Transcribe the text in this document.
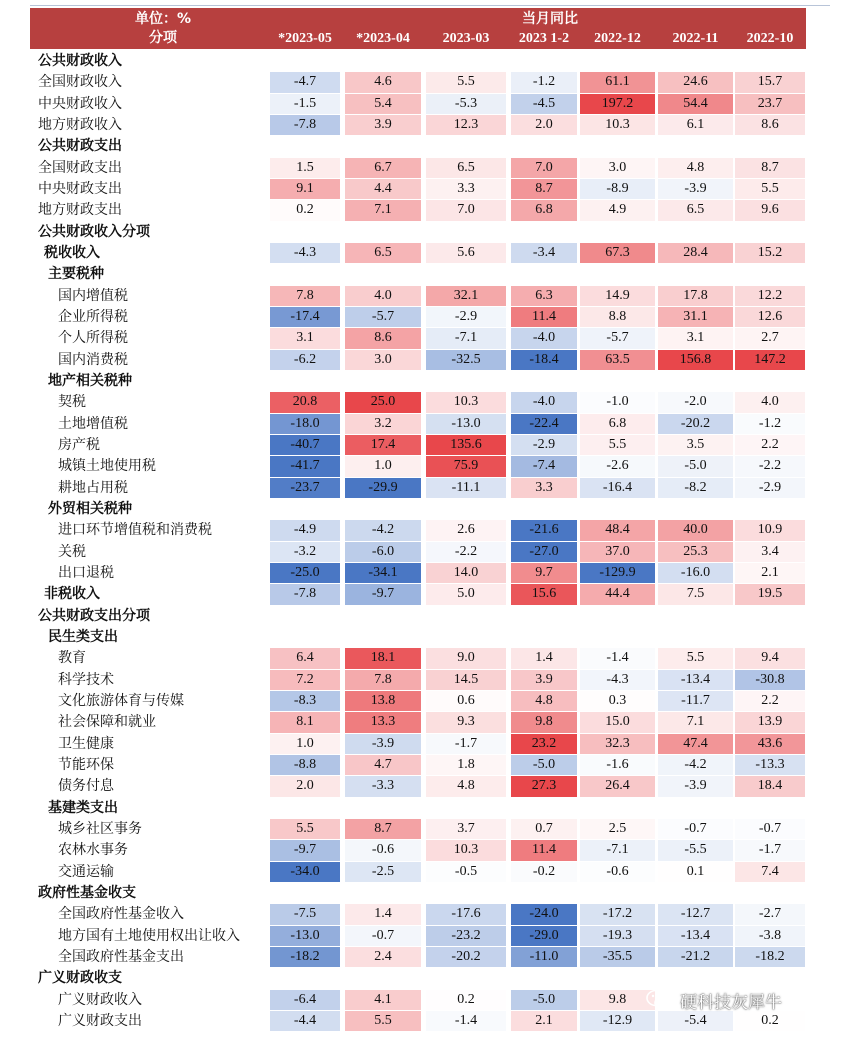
单位：%
分项
当月同比
*2023-05	*2023-04	2023-03	2023 1-2	2022-12	2022-11	2022-10
公共财政收入
全国财政收入	-4.7	4.6	5.5	-1.2	61.1	24.6	15.7
中央财政收入	-1.5	5.4	-5.3	-4.5	197.2	54.4	23.7
地方财政收入	-7.8	3.9	12.3	2.0	10.3	6.1	8.6
公共财政支出
全国财政支出	1.5	6.7	6.5	7.0	3.0	4.8	8.7
中央财政支出	9.1	4.4	3.3	8.7	-8.9	-3.9	5.5
地方财政支出	0.2	7.1	7.0	6.8	4.9	6.5	9.6
公共财政收入分项
税收收入	-4.3	6.5	5.6	-3.4	67.3	28.4	15.2
主要税种
国内增值税	7.8	4.0	32.1	6.3	14.9	17.8	12.2
企业所得税	-17.4	-5.7	-2.9	11.4	8.8	31.1	12.6
个人所得税	3.1	8.6	-7.1	-4.0	-5.7	3.1	2.7
国内消费税	-6.2	3.0	-32.5	-18.4	63.5	156.8	147.2
地产相关税种
契税	20.8	25.0	10.3	-4.0	-1.0	-2.0	4.0
土地增值税	-18.0	3.2	-13.0	-22.4	6.8	-20.2	-1.2
房产税	-40.7	17.4	135.6	-2.9	5.5	3.5	2.2
城镇土地使用税	-41.7	1.0	75.9	-7.4	-2.6	-5.0	-2.2
耕地占用税	-23.7	-29.9	-11.1	3.3	-16.4	-8.2	-2.9
外贸相关税种
进口环节增值税和消费税	-4.9	-4.2	2.6	-21.6	48.4	40.0	10.9
关税	-3.2	-6.0	-2.2	-27.0	37.0	25.3	3.4
出口退税	-25.0	-34.1	14.0	9.7	-129.9	-16.0	2.1
非税收入	-7.8	-9.7	5.0	15.6	44.4	7.5	19.5
公共财政支出分项
民生类支出
教育	6.4	18.1	9.0	1.4	-1.4	5.5	9.4
科学技术	7.2	7.8	14.5	3.9	-4.3	-13.4	-30.8
文化旅游体育与传媒	-8.3	13.8	0.6	4.8	0.3	-11.7	2.2
社会保障和就业	8.1	13.3	9.3	9.8	15.0	7.1	13.9
卫生健康	1.0	-3.9	-1.7	23.2	32.3	47.4	43.6
节能环保	-8.8	4.7	1.8	-5.0	-1.6	-4.2	-13.3
债务付息	2.0	-3.3	4.8	27.3	26.4	-3.9	18.4
基建类支出
城乡社区事务	5.5	8.7	3.7	0.7	2.5	-0.7	-0.7
农林水事务	-9.7	-0.6	10.3	11.4	-7.1	-5.5	-1.7
交通运输	-34.0	-2.5	-0.5	-0.2	-0.6	0.1	7.4
政府性基金收支
全国政府性基金收入	-7.5	1.4	-17.6	-24.0	-17.2	-12.7	-2.7
地方国有土地使用权出让收入	-13.0	-0.7	-23.2	-29.0	-19.3	-13.4	-3.8
全国政府性基金支出	-18.2	2.4	-20.2	-11.0	-35.5	-21.2	-18.2
广义财政收支
广义财政收入	-6.4	4.1	0.2	-5.0	9.8
广义财政支出	-4.4	5.5	-1.4	2.1	-12.9	-5.4	0.2
硬科技灰犀牛
